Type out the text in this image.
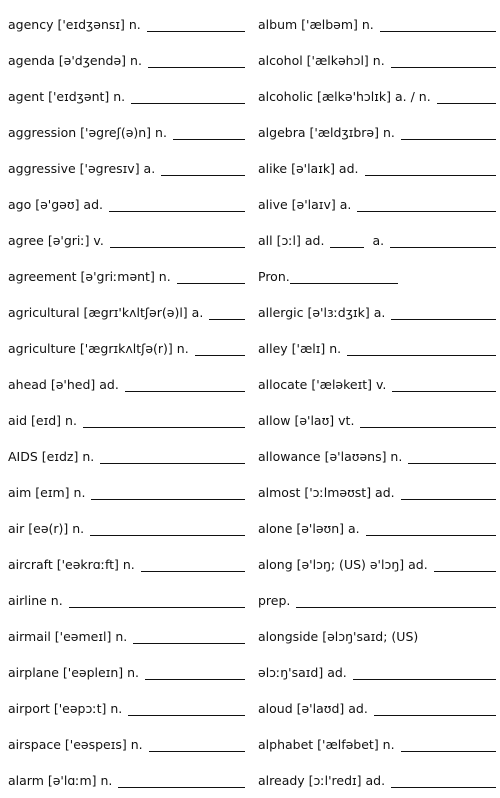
agency ['eɪdʒənsɪ] n.
agenda [ə'dʒendə] n.
agent ['eɪdʒənt] n.
aggression ['əgreʃ(ə)n] n.
aggressive ['əgresɪv] a.
ago [ə'gəʊ] ad.
agree [ə'griː] v.
agreement [ə'griːmənt] n.
agricultural [ægrɪ'kʌltʃər(ə)l] a.
agriculture ['ægrɪkʌltʃə(r)] n.
ahead [ə'hed] ad.
aid [eɪd] n.
AIDS [eɪdz] n.
aim [eɪm] n.
air [eə(r)] n.
aircraft ['eəkrɑːft] n.
airline n.
airmail ['eəmeɪl] n.
airplane ['eəpleɪn] n.
airport ['eəpɔːt] n.
airspace ['eəspeɪs] n.
alarm [ə'lɑːm] n.
album ['ælbəm] n.
alcohol ['ælkəhɔl] n.
alcoholic [ælkə'hɔlɪk] a. / n.
algebra ['ældʒɪbrə] n.
alike [ə'laɪk] ad.
alive [ə'laɪv] a.
all [ɔːl] ad.	a.
Pron.
allergic [ə'lɜːdʒɪk] a.
alley ['ælɪ] n.
allocate ['æləkeɪt] v.
allow [ə'laʊ] vt.
allowance [ə'laʊəns] n.
almost ['ɔːlməʊst] ad.
alone [ə'ləʊn] a.
along [ə'lɔŋ; (US) ə'lɔŋ] ad.
prep.
alongside [əlɔŋ'saɪd; (US)
əlɔːŋ'saɪd] ad.
aloud [ə'laʊd] ad.
alphabet ['ælfəbet] n.
already [ɔːl'redɪ] ad.
